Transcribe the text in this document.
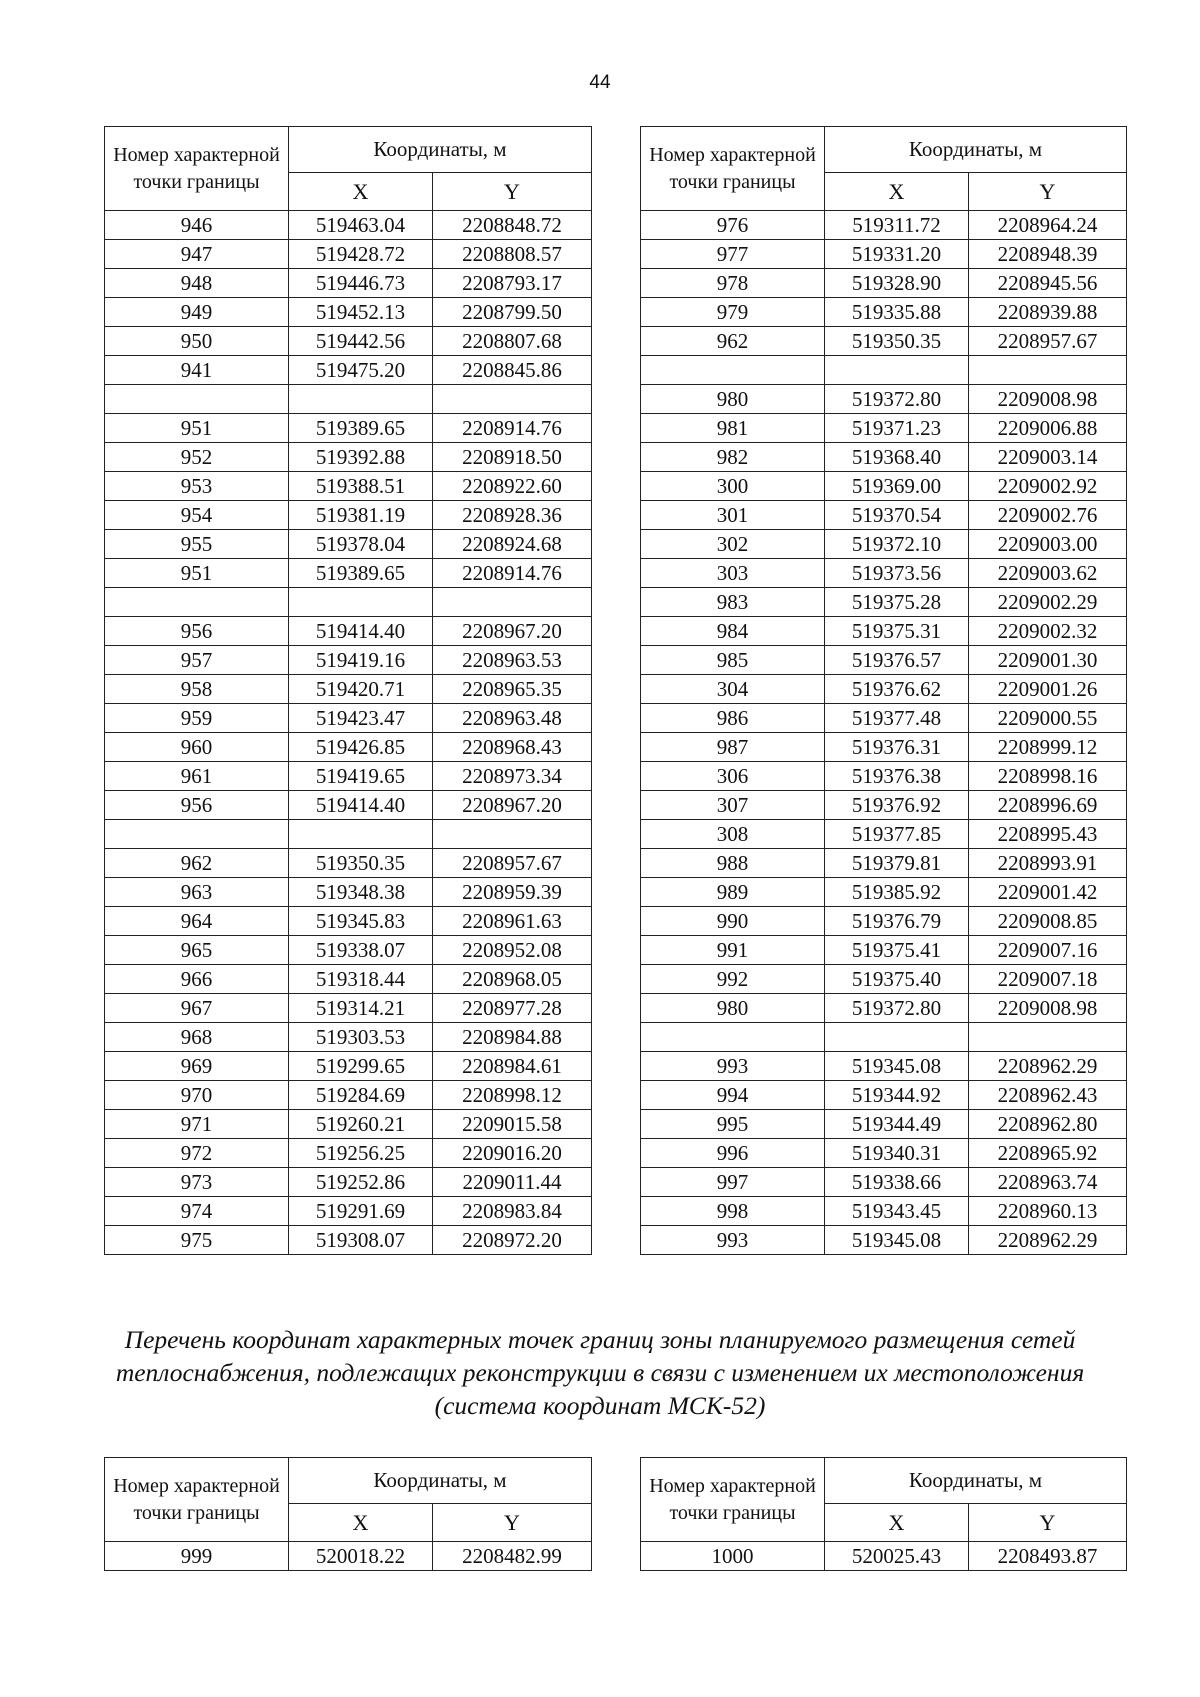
44
Номер характерной точки границы	Координаты, м	
	X	Y
946	519463.04	2208848.72
947	519428.72	2208808.57
948	519446.73	2208793.17
949	519452.13	2208799.50
950	519442.56	2208807.68
941	519475.20	2208845.86

951	519389.65	2208914.76
952	519392.88	2208918.50
953	519388.51	2208922.60
954	519381.19	2208928.36
955	519378.04	2208924.68
951	519389.65	2208914.76

956	519414.40	2208967.20
957	519419.16	2208963.53
958	519420.71	2208965.35
959	519423.47	2208963.48
960	519426.85	2208968.43
961	519419.65	2208973.34
956	519414.40	2208967.20

962	519350.35	2208957.67
963	519348.38	2208959.39
964	519345.83	2208961.63
965	519338.07	2208952.08
966	519318.44	2208968.05
967	519314.21	2208977.28
968	519303.53	2208984.88
969	519299.65	2208984.61
970	519284.69	2208998.12
971	519260.21	2209015.58
972	519256.25	2209016.20
973	519252.86	2209011.44
974	519291.69	2208983.84
975	519308.07	2208972.20
Номер характерной точки границы	Координаты, м	
	X	Y
976	519311.72	2208964.24
977	519331.20	2208948.39
978	519328.90	2208945.56
979	519335.88	2208939.88
962	519350.35	2208957.67

980	519372.80	2209008.98
981	519371.23	2209006.88
982	519368.40	2209003.14
300	519369.00	2209002.92
301	519370.54	2209002.76
302	519372.10	2209003.00
303	519373.56	2209003.62
983	519375.28	2209002.29
984	519375.31	2209002.32
985	519376.57	2209001.30
304	519376.62	2209001.26
986	519377.48	2209000.55
987	519376.31	2208999.12
306	519376.38	2208998.16
307	519376.92	2208996.69
308	519377.85	2208995.43
988	519379.81	2208993.91
989	519385.92	2209001.42
990	519376.79	2209008.85
991	519375.41	2209007.16
992	519375.40	2209007.18
980	519372.80	2209008.98

993	519345.08	2208962.29
994	519344.92	2208962.43
995	519344.49	2208962.80
996	519340.31	2208965.92
997	519338.66	2208963.74
998	519343.45	2208960.13
993	519345.08	2208962.29
Перечень координат характерных точек границ зоны планируемого размещения сетей теплоснабжения, подлежащих реконструкции в связи с изменением их местоположения (система координат МСК-52)
Номер характерной точки границы	Координаты, м	
	X	Y
999	520018.22	2208482.99
Номер характерной точки границы	Координаты, м	
	X	Y
1000	520025.43	2208493.87
